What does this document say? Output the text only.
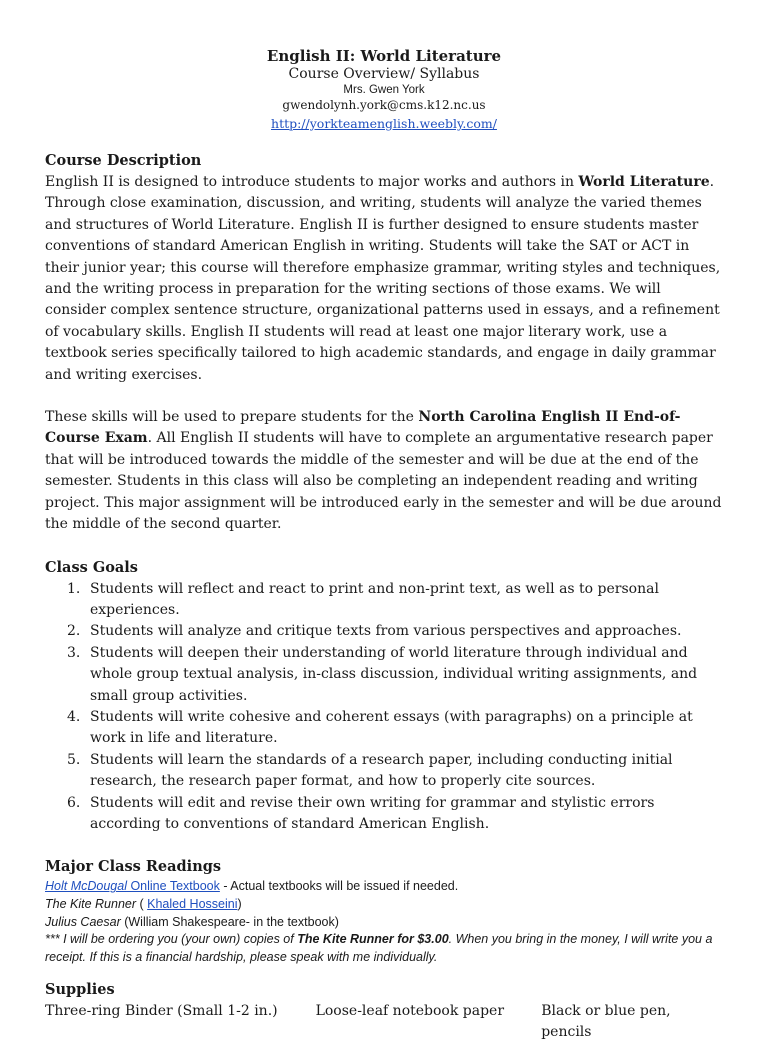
English II: World Literature
Course Overview/ Syllabus
Mrs. Gwen York
gwendolynh.york@cms.k12.nc.us
http://yorkteamenglish.weebly.com/
Course Description

English II is designed to introduce students to major works and authors in World Literature. Through close examination, discussion, and writing, students will analyze the varied themes and structures of World Literature. English II is further designed to ensure students master conventions of standard American English in writing. Students will take the SAT or ACT in their junior year; this course will therefore emphasize grammar, writing styles and techniques, and the writing process in preparation for the writing sections of those exams. We will consider complex sentence structure, organizational patterns used in essays, and a refinement of vocabulary skills. English II students will read at least one major literary work, use a textbook series specifically tailored to high academic standards, and engage in daily grammar and writing exercises.

These skills will be used to prepare students for the North Carolina English II End-of-Course Exam. All English II students will have to complete an argumentative research paper that will be introduced towards the middle of the semester and will be due at the end of the semester. Students in this class will also be completing an independent reading and writing project. This major assignment will be introduced early in the semester and will be due around the middle of the second quarter.

Class Goals
1. Students will reflect and react to print and non-print text, as well as to personal experiences.
2. Students will analyze and critique texts from various perspectives and approaches.
3. Students will deepen their understanding of world literature through individual and whole group textual analysis, in-class discussion, individual writing assignments, and small group activities.
4. Students will write cohesive and coherent essays (with paragraphs) on a principle at work in life and literature.
5. Students will learn the standards of a research paper, including conducting initial research, the research paper format, and how to properly cite sources.
6. Students will edit and revise their own writing for grammar and stylistic errors according to conventions of standard American English.
Major Class Readings
Holt McDougal Online Textbook - Actual textbooks will be issued if needed.
The Kite Runner ( Khaled Hosseini)
Julius Caesar (William Shakespeare- in the textbook)
*** I will be ordering you (your own) copies of The Kite Runner for $3.00. When you bring in the money, I will write you a receipt. If this is a financial hardship, please speak with me individually.
Supplies
Three-ring Binder (Small 1-2 in.)	Loose-leaf notebook paper	Black or blue pen, pencils
